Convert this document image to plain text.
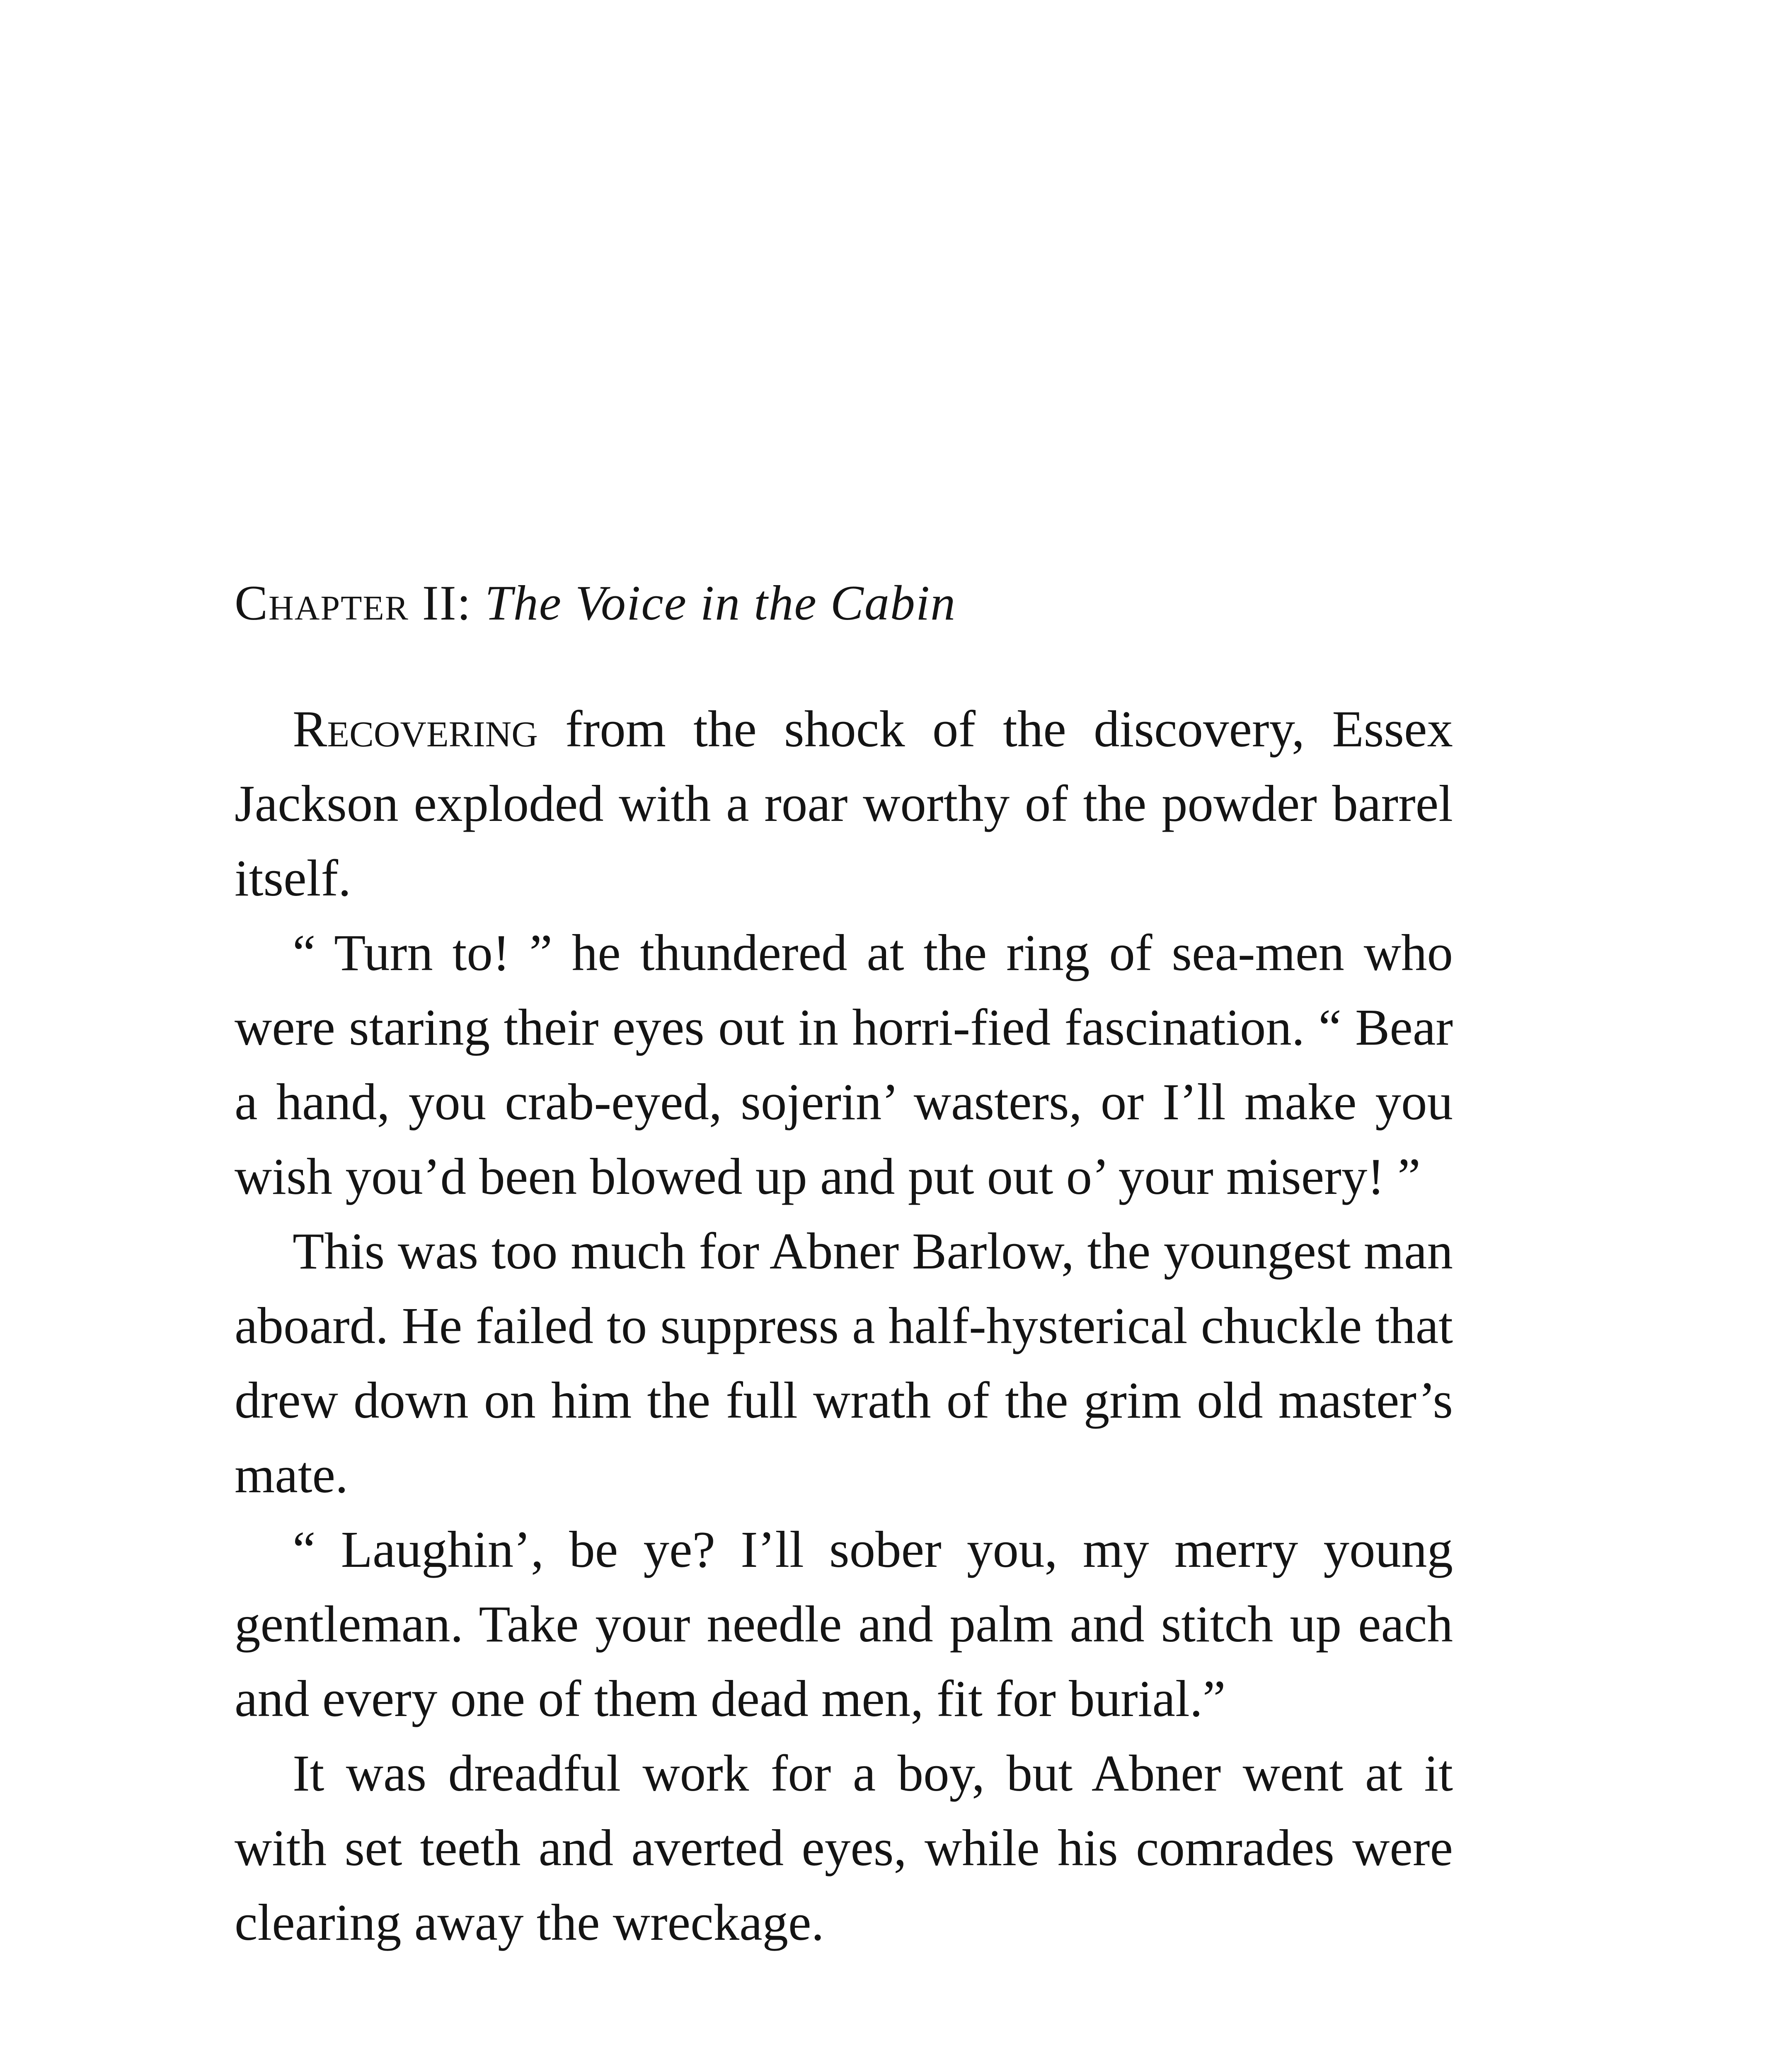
Chapter II: The Voice in the Cabin

Recovering from the shock of the discovery, Essex Jackson exploded with a roar worthy of the powder barrel itself.

“ Turn to! ” he thundered at the ring of sea-men who were staring their eyes out in horri-fied fascination. “ Bear a hand, you crab-eyed, sojerin’ wasters, or I’ll make you wish you’d been blowed up and put out o’ your misery! ”

This was too much for Abner Barlow, the youngest man aboard. He failed to suppress a half-hysterical chuckle that drew down on him the full wrath of the grim old master’s mate.

“ Laughin’, be ye? I’ll sober you, my merry young gentleman. Take your needle and palm and stitch up each and every one of them dead men, fit for burial.”

It was dreadful work for a boy, but Abner went at it with set teeth and averted eyes, while his comrades were clearing away the wreckage.
